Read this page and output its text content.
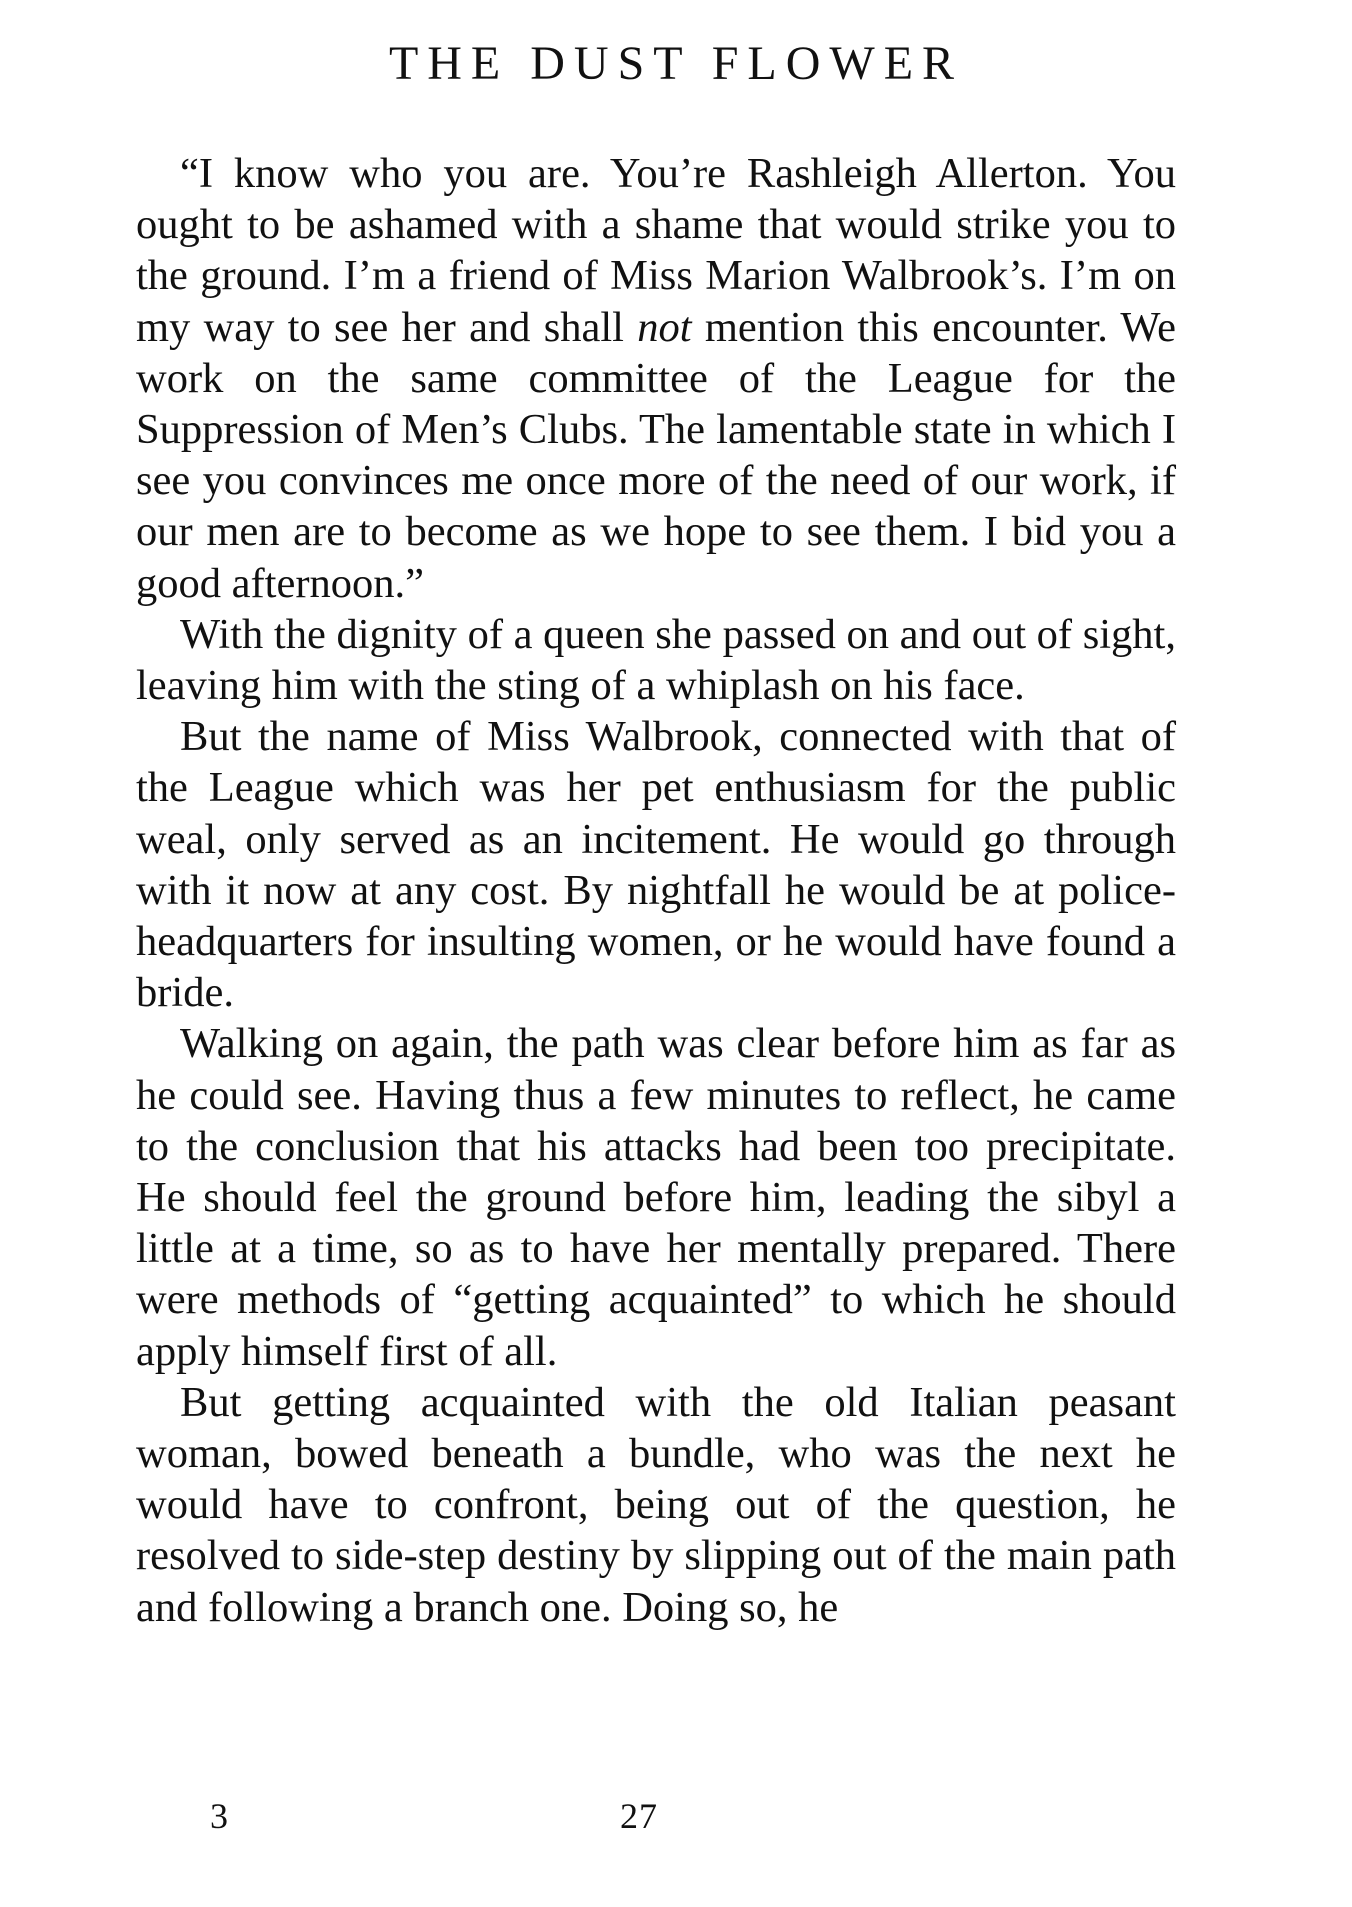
THE DUST FLOWER

“I know who you are. You’re Rashleigh Allerton. You ought to be ashamed with a shame that would strike you to the ground. I’m a friend of Miss Marion Walbrook’s. I’m on my way to see her and shall not mention this encounter. We work on the same committee of the League for the Suppression of Men’s Clubs. The lamentable state in which I see you convinces me once more of the need of our work, if our men are to become as we hope to see them. I bid you a good afternoon.”

With the dignity of a queen she passed on and out of sight, leaving him with the sting of a whiplash on his face.

But the name of Miss Walbrook, connected with that of the League which was her pet enthusiasm for the public weal, only served as an incitement. He would go through with it now at any cost. By nightfall he would be at police-headquarters for insulting women, or he would have found a bride.

Walking on again, the path was clear before him as far as he could see. Having thus a few minutes to reflect, he came to the conclusion that his attacks had been too precipitate. He should feel the ground before him, leading the sibyl a little at a time, so as to have her mentally prepared. There were methods of “getting acquainted” to which he should apply himself first of all.

But getting acquainted with the old Italian peasant woman, bowed beneath a bundle, who was the next he would have to confront, being out of the question, he resolved to side-step destiny by slipping out of the main path and following a branch one. Doing so, he

3	27
